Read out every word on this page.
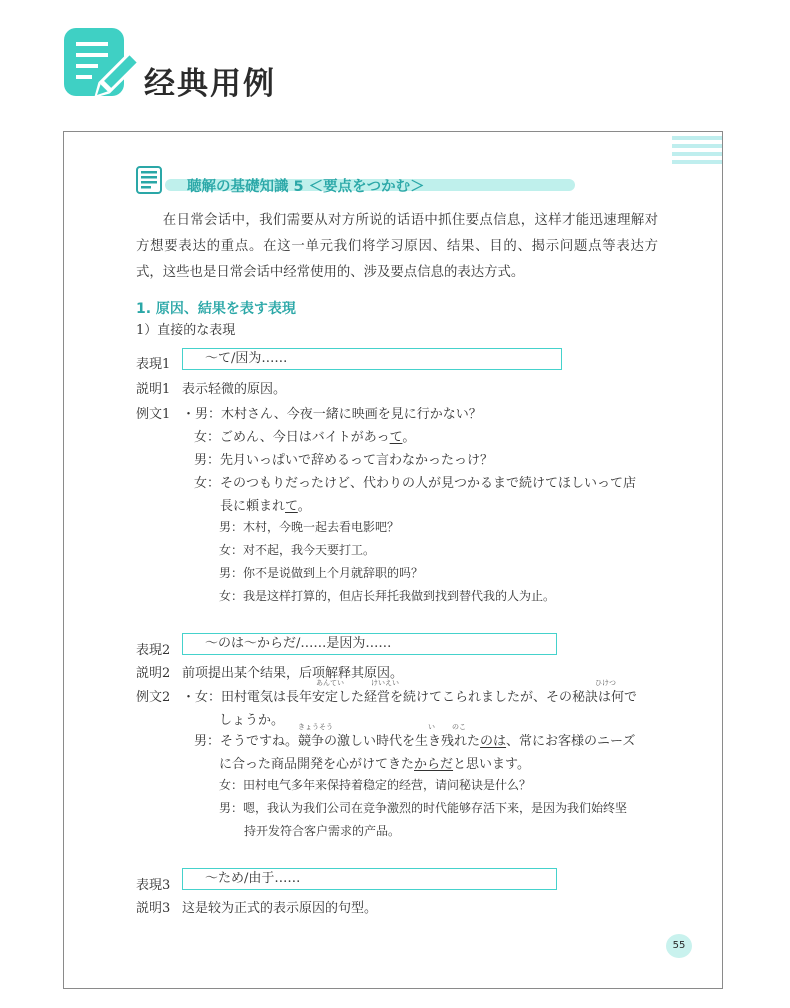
经典用例
聴解の基礎知識 5 ＜要点をつかむ＞
在日常会话中，我们需要从对方所说的话语中抓住要点信息，这样才能迅速理解对方想要表达的重点。在这一单元我们将学习原因、结果、目的、揭示问题点等表达方式，这些也是日常会话中经常使用的、涉及要点信息的表达方式。
1. 原因、結果を表す表現
1）直接的な表現
表現1	～て/因为……
説明1 表示轻微的原因。
例文1 ・男：木村さん、今夜一緒に映画を見に行かない？
女：ごめん、今日はバイトがあって。
男：先月いっぱいで辞めるって言わなかったっけ？
女：そのつもりだったけど、代わりの人が見つかるまで続けてほしいって店
長に頼まれて。
男：木村，今晚一起去看电影吧？
女：对不起，我今天要打工。
男：你不是说做到上个月就辞职的吗？
女：我是这样打算的，但店长拜托我做到找到替代我的人为止。
表現2	～のは～からだ/……是因为……
説明2 前项提出某个结果，后项解释其原因。
例文2
あんてい	けいえい	ひけつ
・女：田村電気は長年安定した経営を続けてこられましたが、その秘訣は何で
しょうか。 きょうそう	い のこ
男：そうですね。競争の激しい時代を生き残れたのは、常にお客様のニーズ
に合った商品開発を心がけてきたからだと思います。
女：田村电气多年来保持着稳定的经营，请问秘诀是什么？
男：嗯，我认为我们公司在竞争激烈的时代能够存活下来，是因为我们始终坚
持开发符合客户需求的产品。
表現3	～ため/由于……
説明3 这是较为正式的表示原因的句型。
55
